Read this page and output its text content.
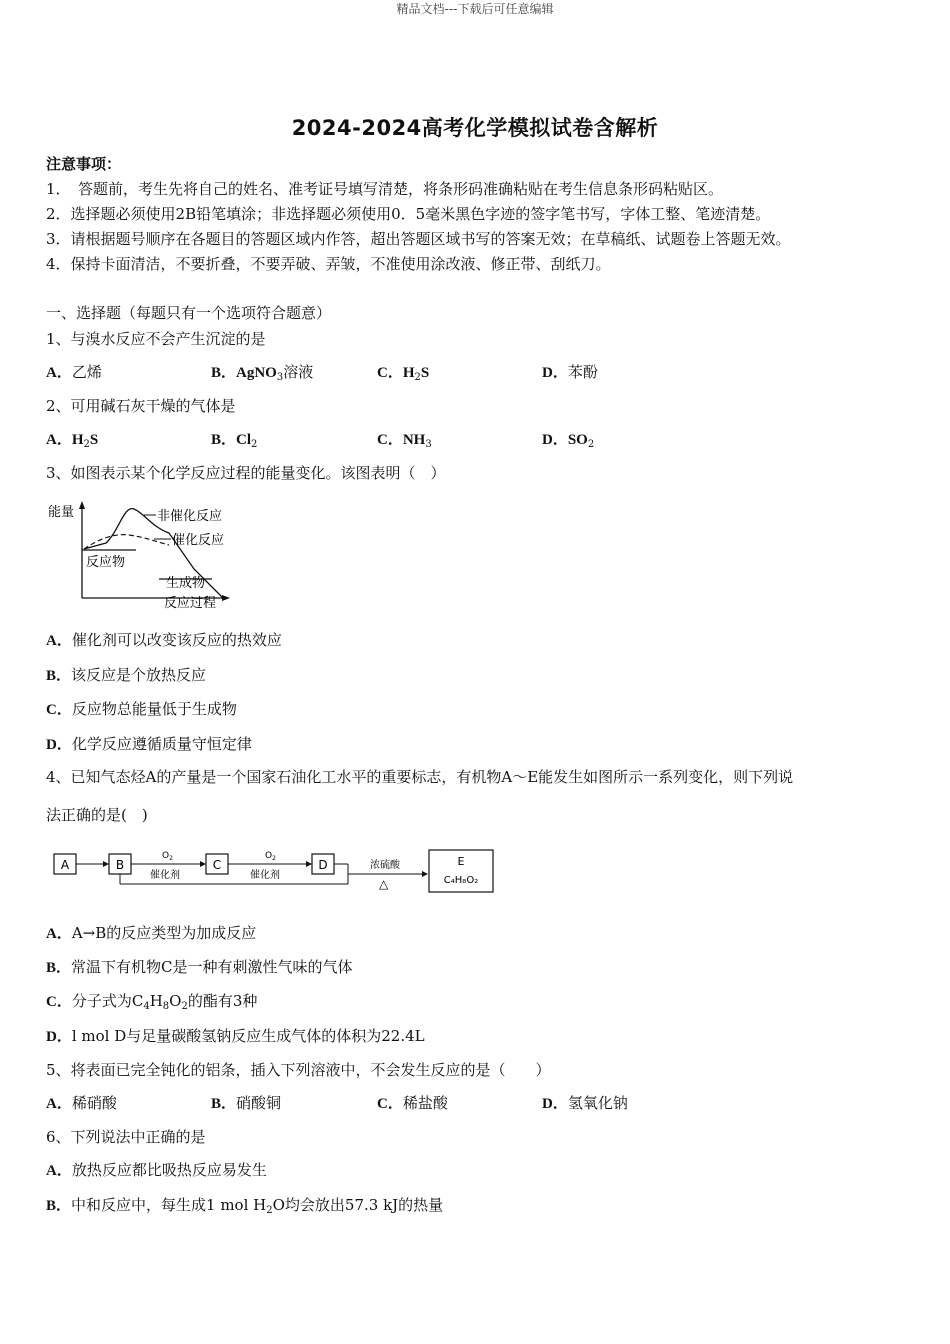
精品文档---下载后可任意编辑
2024-2024高考化学模拟试卷含解析
注意事项：
1．　答题前，考生先将自己的姓名、准考证号填写清楚，将条形码准确粘贴在考生信息条形码粘贴区。
2．选择题必须使用2B铅笔填涂；非选择题必须使用0．5毫米黑色字迹的签字笔书写，字体工整、笔迹清楚。
3．请根据题号顺序在各题目的答题区域内作答，超出答题区域书写的答案无效；在草稿纸、试题卷上答题无效。
4．保持卡面清洁，不要折叠，不要弄破、弄皱，不准使用涂改液、修正带、刮纸刀。
一、选择题（每题只有一个选项符合题意）
1、与溴水反应不会产生沉淀的是
A．乙烯	B．AgNO$_3$溶液	C．$H_2S$	D．苯酚
2、可用碱石灰干燥的气体是
A．$H_2S$	B．$Cl_2$	C．$NH_3$	D．$SO_2$
3、如图表示某个化学反应过程的能量变化。该图表明（　）
能量	非催化反应
催化反应
反应物
生成物
反应过程
A．催化剂可以改变该反应的热效应
B．该反应是个放热反应
C．反应物总能量低于生成物
D．化学反应遵循质量守恒定律
4、已知气态烃A的产量是一个国家石油化工水平的重要标志，有机物A～E能发生如图所示一系列变化，则下列说
法正确的是(　)
A	B
$O_2$
催化剂
C
$O_2$
催化剂
D	浓硫酸
△
E
C₄H₈O₂
A．A→B的反应类型为加成反应
B．常温下有机物C是一种有刺激性气味的气体
C．分子式为$C_4H_8O_2$的酯有3种
D．l mol D与足量碳酸氢钠反应生成气体的体积为22.4L
5、将表面已完全钝化的铝条，插入下列溶液中，不会发生反应的是（　　）
A．稀硝酸	B．硝酸铜	C．稀盐酸	D．氢氧化钠
6、下列说法中正确的是
A．放热反应都比吸热反应易发生
B．中和反应中，每生成1 mol $H_2O$均会放出57.3 kJ的热量
